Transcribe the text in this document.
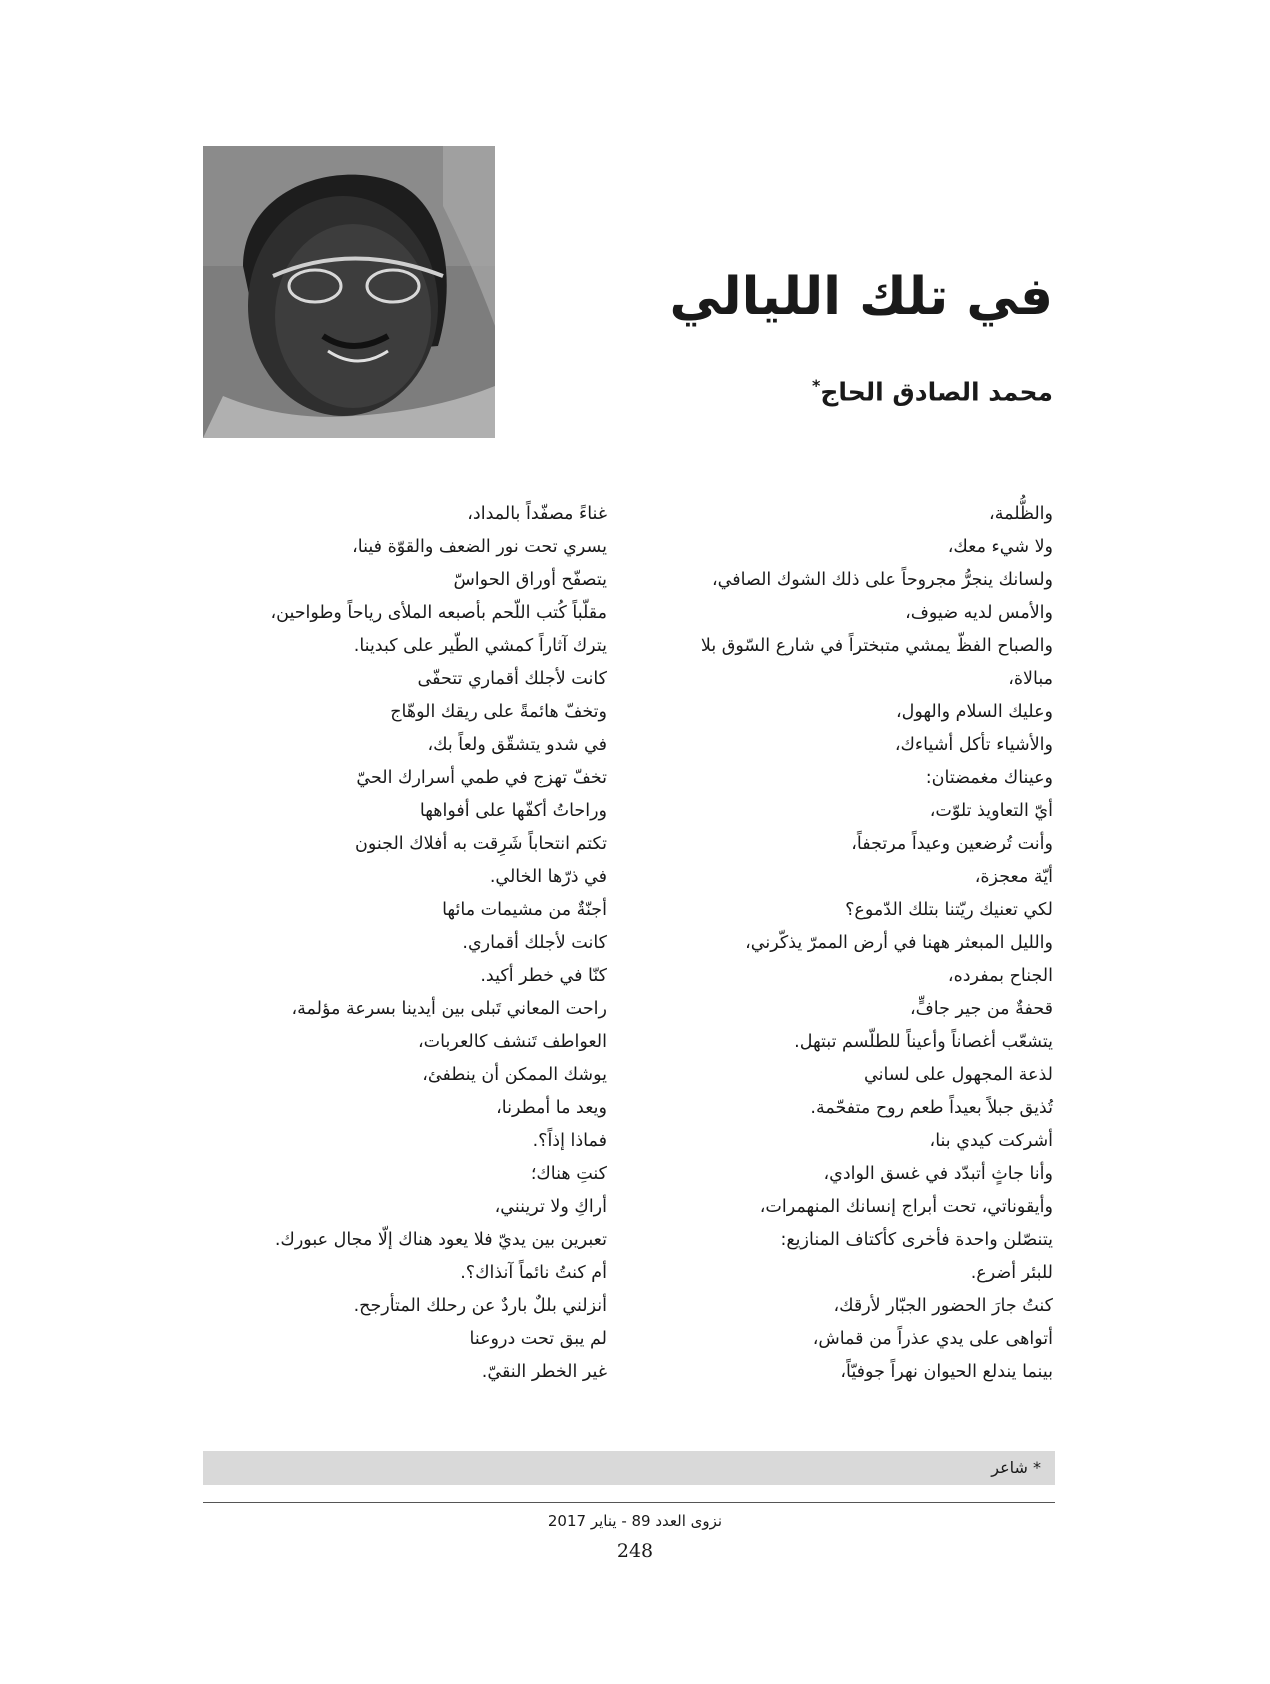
في تلك الليالي
محمد الصادق الحاج*
والظُّلمة،
ولا شيء معك،
ولسانك ينجرُّ مجروحاً على ذلك الشوك الصافي،
والأمس لديه ضيوف،
والصباح الفظّ يمشي متبختراً في شارع السّوق بلا
مبالاة،
وعليك السلام والهول،
والأشياء تأكل أشياءك،
وعيناك مغمضتان:
أيّ التعاويذ تلوّت،
وأنت تُرضعين وعيداً مرتجفاً،
أيّة معجزة،
لكي تعنيك ريّتنا بتلك الدّموع؟
والليل المبعثر ههنا في أرض الممرّ يذكّرني،
الجناح بمفرده،
قحفةٌ من جير جافٍّ،
يتشعّب أغصاناً وأعيناً للطلّسم تبتهل.
لذعة المجهول على لساني
تُذيق جبلاً بعيداً طعم روح متفحّمة.
أشركت كيدي بنا،
وأنا جاثٍ أتبدّد في غسق الوادي،
وأيقوناتي، تحت أبراج إنسانك المنهمرات،
يتنصّلن واحدة فأخرى كأكتاف المنازيع:
للبئر أضرع.
كنتُ جارَ الحضور الجبّار لأرقك،
أتواهى على يدي عذراً من قماش،
بينما يندلع الحيوان نهراً جوفيّاً،
غناءً مصفّداً بالمداد،
يسري تحت نور الضعف والقوّة فينا،
يتصفّح أوراق الحواسّ
مقلّباً كُتب اللّحم بأصبعه الملأى رياحاً وطواحين،
يترك آثاراً كمشي الطّير على كبدينا.
كانت لأجلك أقماري تتحفّى
وتخفّ هائمةً على ريقك الوهّاج
في شدو يتشقّق ولعاً بك،
تخفّ تهزج في طمي أسرارك الحيّ
وراحاتُ أكفّها على أفواهها
تكتم انتحاباً شَرِقت به أفلاك الجنون
في ذرّها الخالي.
أجنّةٌ من مشيمات مائها
كانت لأجلك أقماري.
كنّا في خطر أكيد.
راحت المعاني تَبلى بين أيدينا بسرعة مؤلمة،
العواطف تَنشف كالعربات،
يوشك الممكن أن ينطفئ،
ويعد ما أمطرنا،
فماذا إذاً؟.
كنتِ هناك؛
أراكِ ولا ترينني،
تعبرين بين يديّ فلا يعود هناك إلّا مجال عبورك.
أم كنتُ نائماً آنذاك؟.
أنزلني بللٌ باردٌ عن رحلك المتأرجح.
لم يبق تحت دروعنا
غير الخطر النقيّ.
* شاعر
نزوى العدد 89 - يناير 2017
248
